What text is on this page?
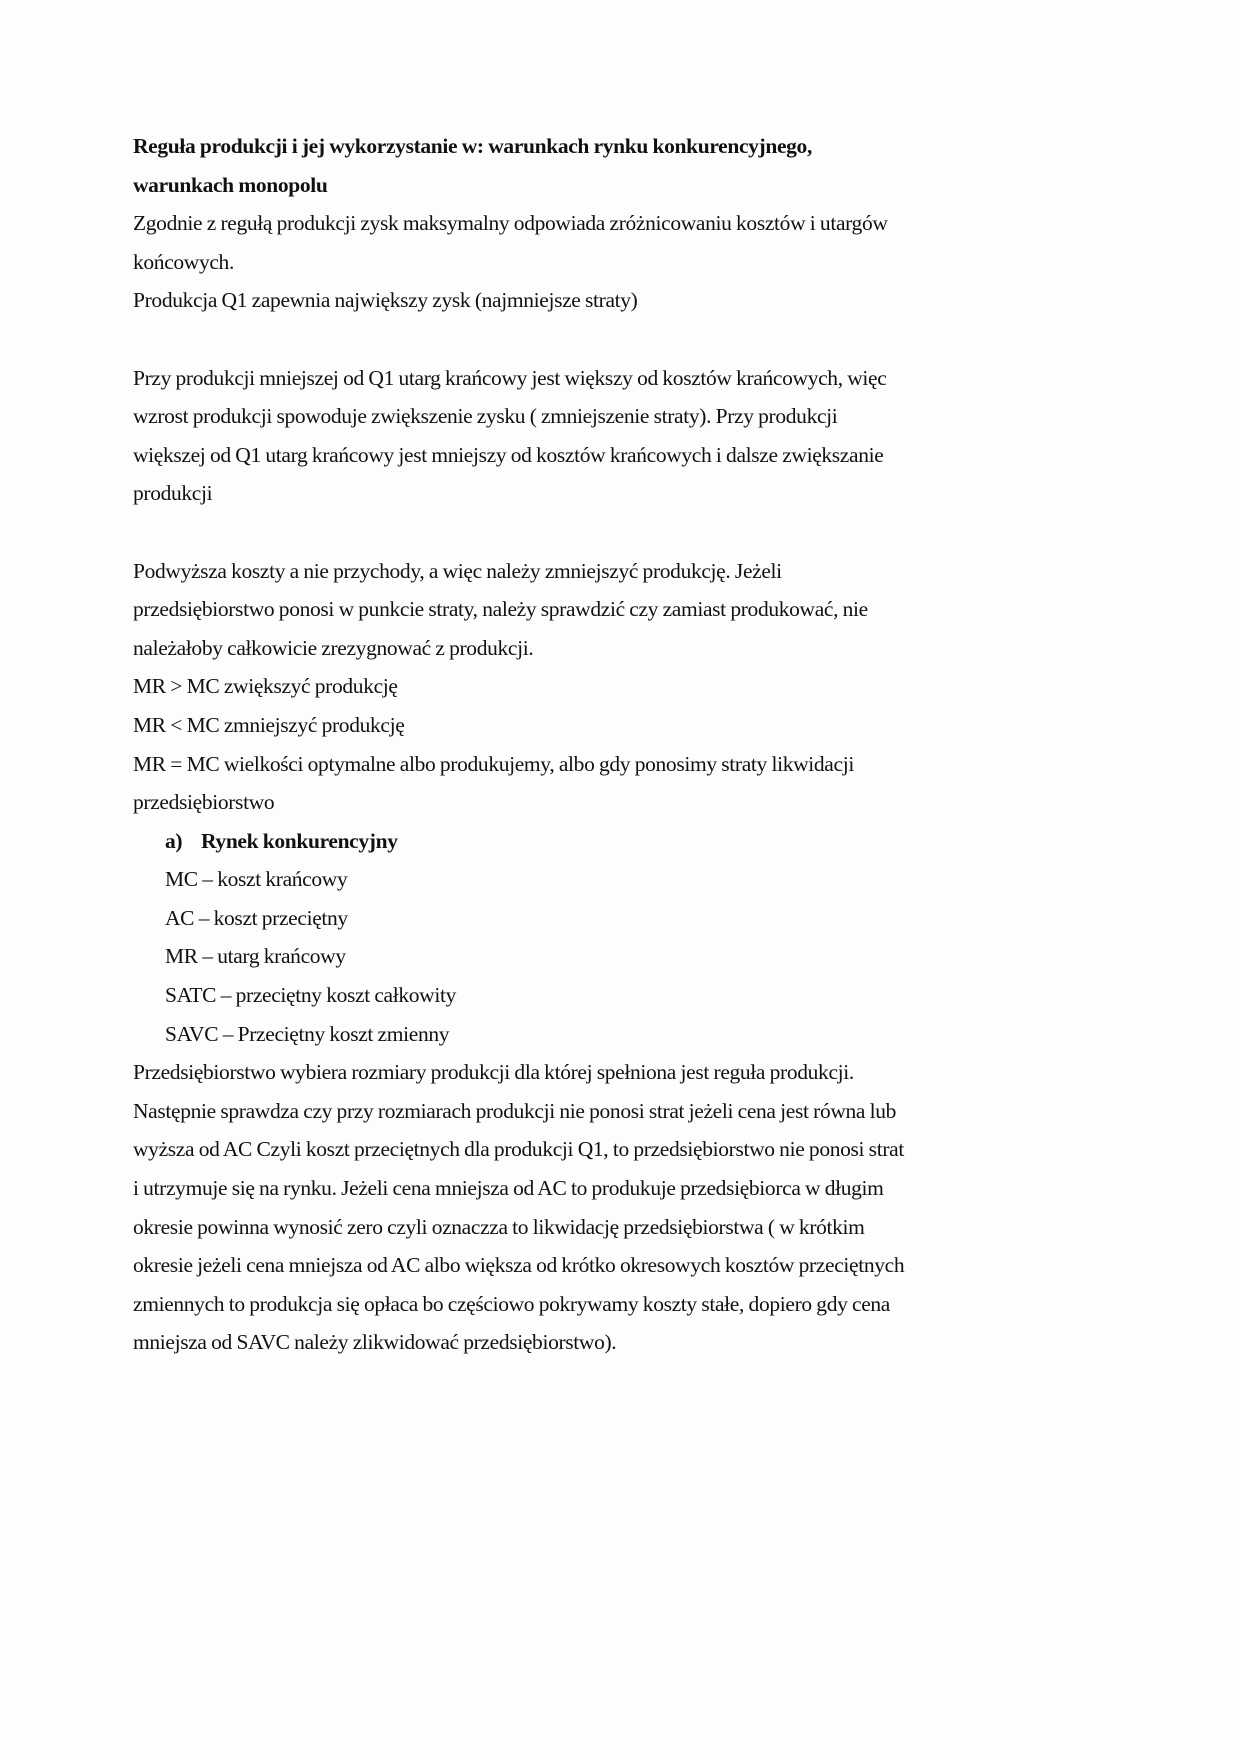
Reguła produkcji i jej wykorzystanie w: warunkach rynku konkurencyjnego,
warunkach monopolu
Zgodnie z regułą produkcji zysk maksymalny odpowiada zróżnicowaniu kosztów i utargów
końcowych.
Produkcja Q1 zapewnia największy zysk (najmniejsze straty)
Przy produkcji mniejszej od Q1 utarg krańcowy jest większy od kosztów krańcowych, więc
wzrost produkcji spowoduje zwiększenie zysku ( zmniejszenie straty). Przy produkcji
większej od Q1 utarg krańcowy jest mniejszy od kosztów krańcowych i dalsze zwiększanie
produkcji
Podwyższa koszty a nie przychody, a więc należy zmniejszyć produkcję. Jeżeli
przedsiębiorstwo ponosi w punkcie straty, należy sprawdzić czy zamiast produkować, nie
należałoby całkowicie zrezygnować z produkcji.
MR > MC zwiększyć produkcję
MR < MC zmniejszyć produkcję
MR = MC wielkości optymalne albo produkujemy, albo gdy ponosimy straty likwidacji
przedsiębiorstwo
a) Rynek konkurencyjny
MC – koszt krańcowy
AC – koszt przeciętny
MR – utarg krańcowy
SATC – przeciętny koszt całkowity
SAVC – Przeciętny koszt zmienny
Przedsiębiorstwo wybiera rozmiary produkcji dla której spełniona jest reguła produkcji.
Następnie sprawdza czy przy rozmiarach produkcji nie ponosi strat jeżeli cena jest równa lub
wyższa od AC Czyli koszt przeciętnych dla produkcji Q1, to przedsiębiorstwo nie ponosi strat
i utrzymuje się na rynku. Jeżeli cena mniejsza od AC to produkuje przedsiębiorca w długim
okresie powinna wynosić zero czyli oznaczza to likwidację przedsiębiorstwa ( w krótkim
okresie jeżeli cena mniejsza od AC albo większa od krótko okresowych kosztów przeciętnych
zmiennych to produkcja się opłaca bo częściowo pokrywamy koszty stałe, dopiero gdy cena
mniejsza od SAVC należy zlikwidować przedsiębiorstwo).
